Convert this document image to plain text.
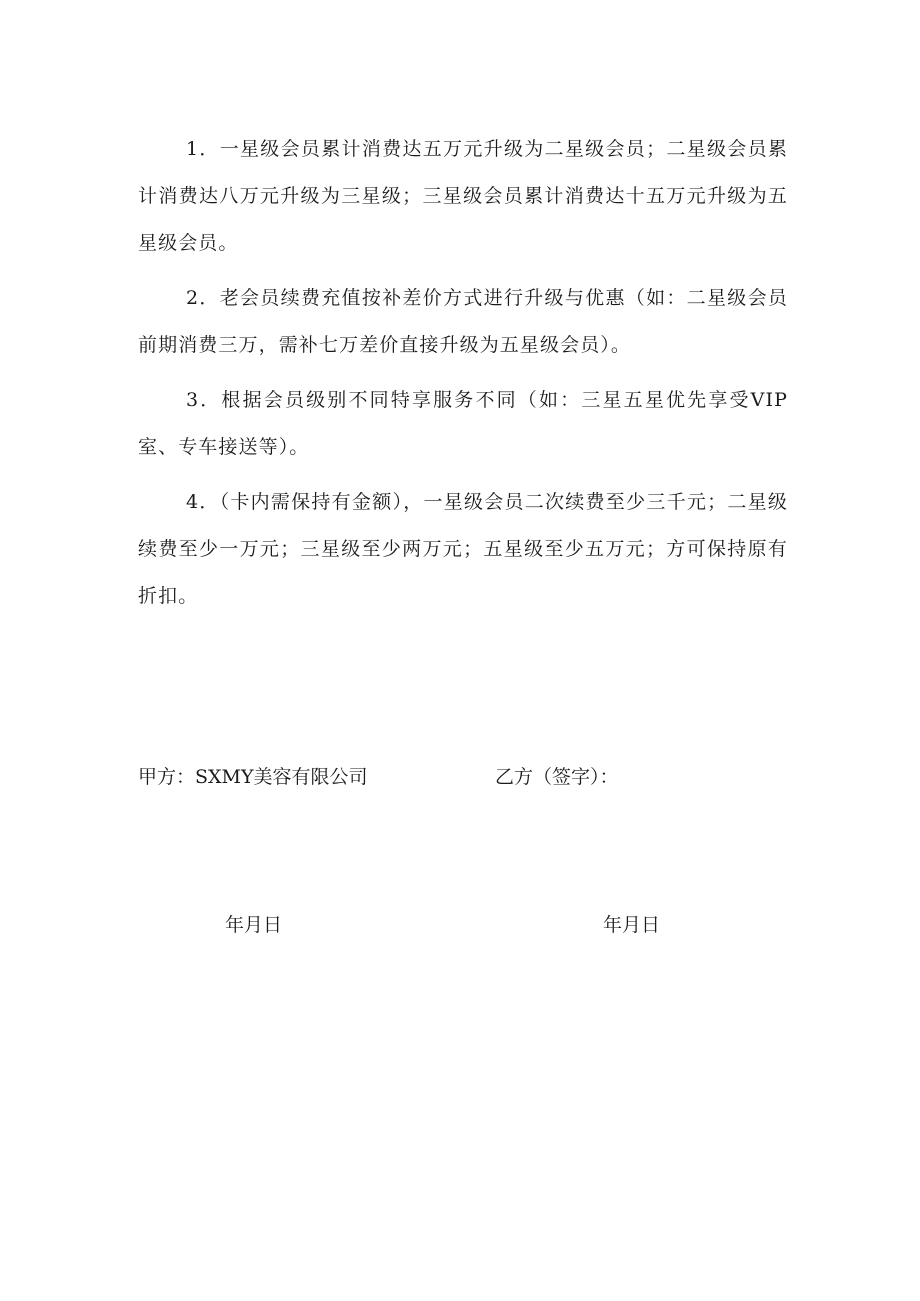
1．一星级会员累计消费达五万元升级为二星级会员；二星级会员累计消费达八万元升级为三星级；三星级会员累计消费达十五万元升级为五星级会员。

2．老会员续费充值按补差价方式进行升级与优惠（如：二星级会员前期消费三万，需补七万差价直接升级为五星级会员）。

3．根据会员级别不同特享服务不同（如：三星五星优先享受VIP室、专车接送等）。

4．（卡内需保持有金额），一星级会员二次续费至少三千元；二星级续费至少一万元；三星级至少两万元；五星级至少五万元；方可保持原有折扣。

甲方：SXMY美容有限公司	乙方（签字）：
年月日	年月日
